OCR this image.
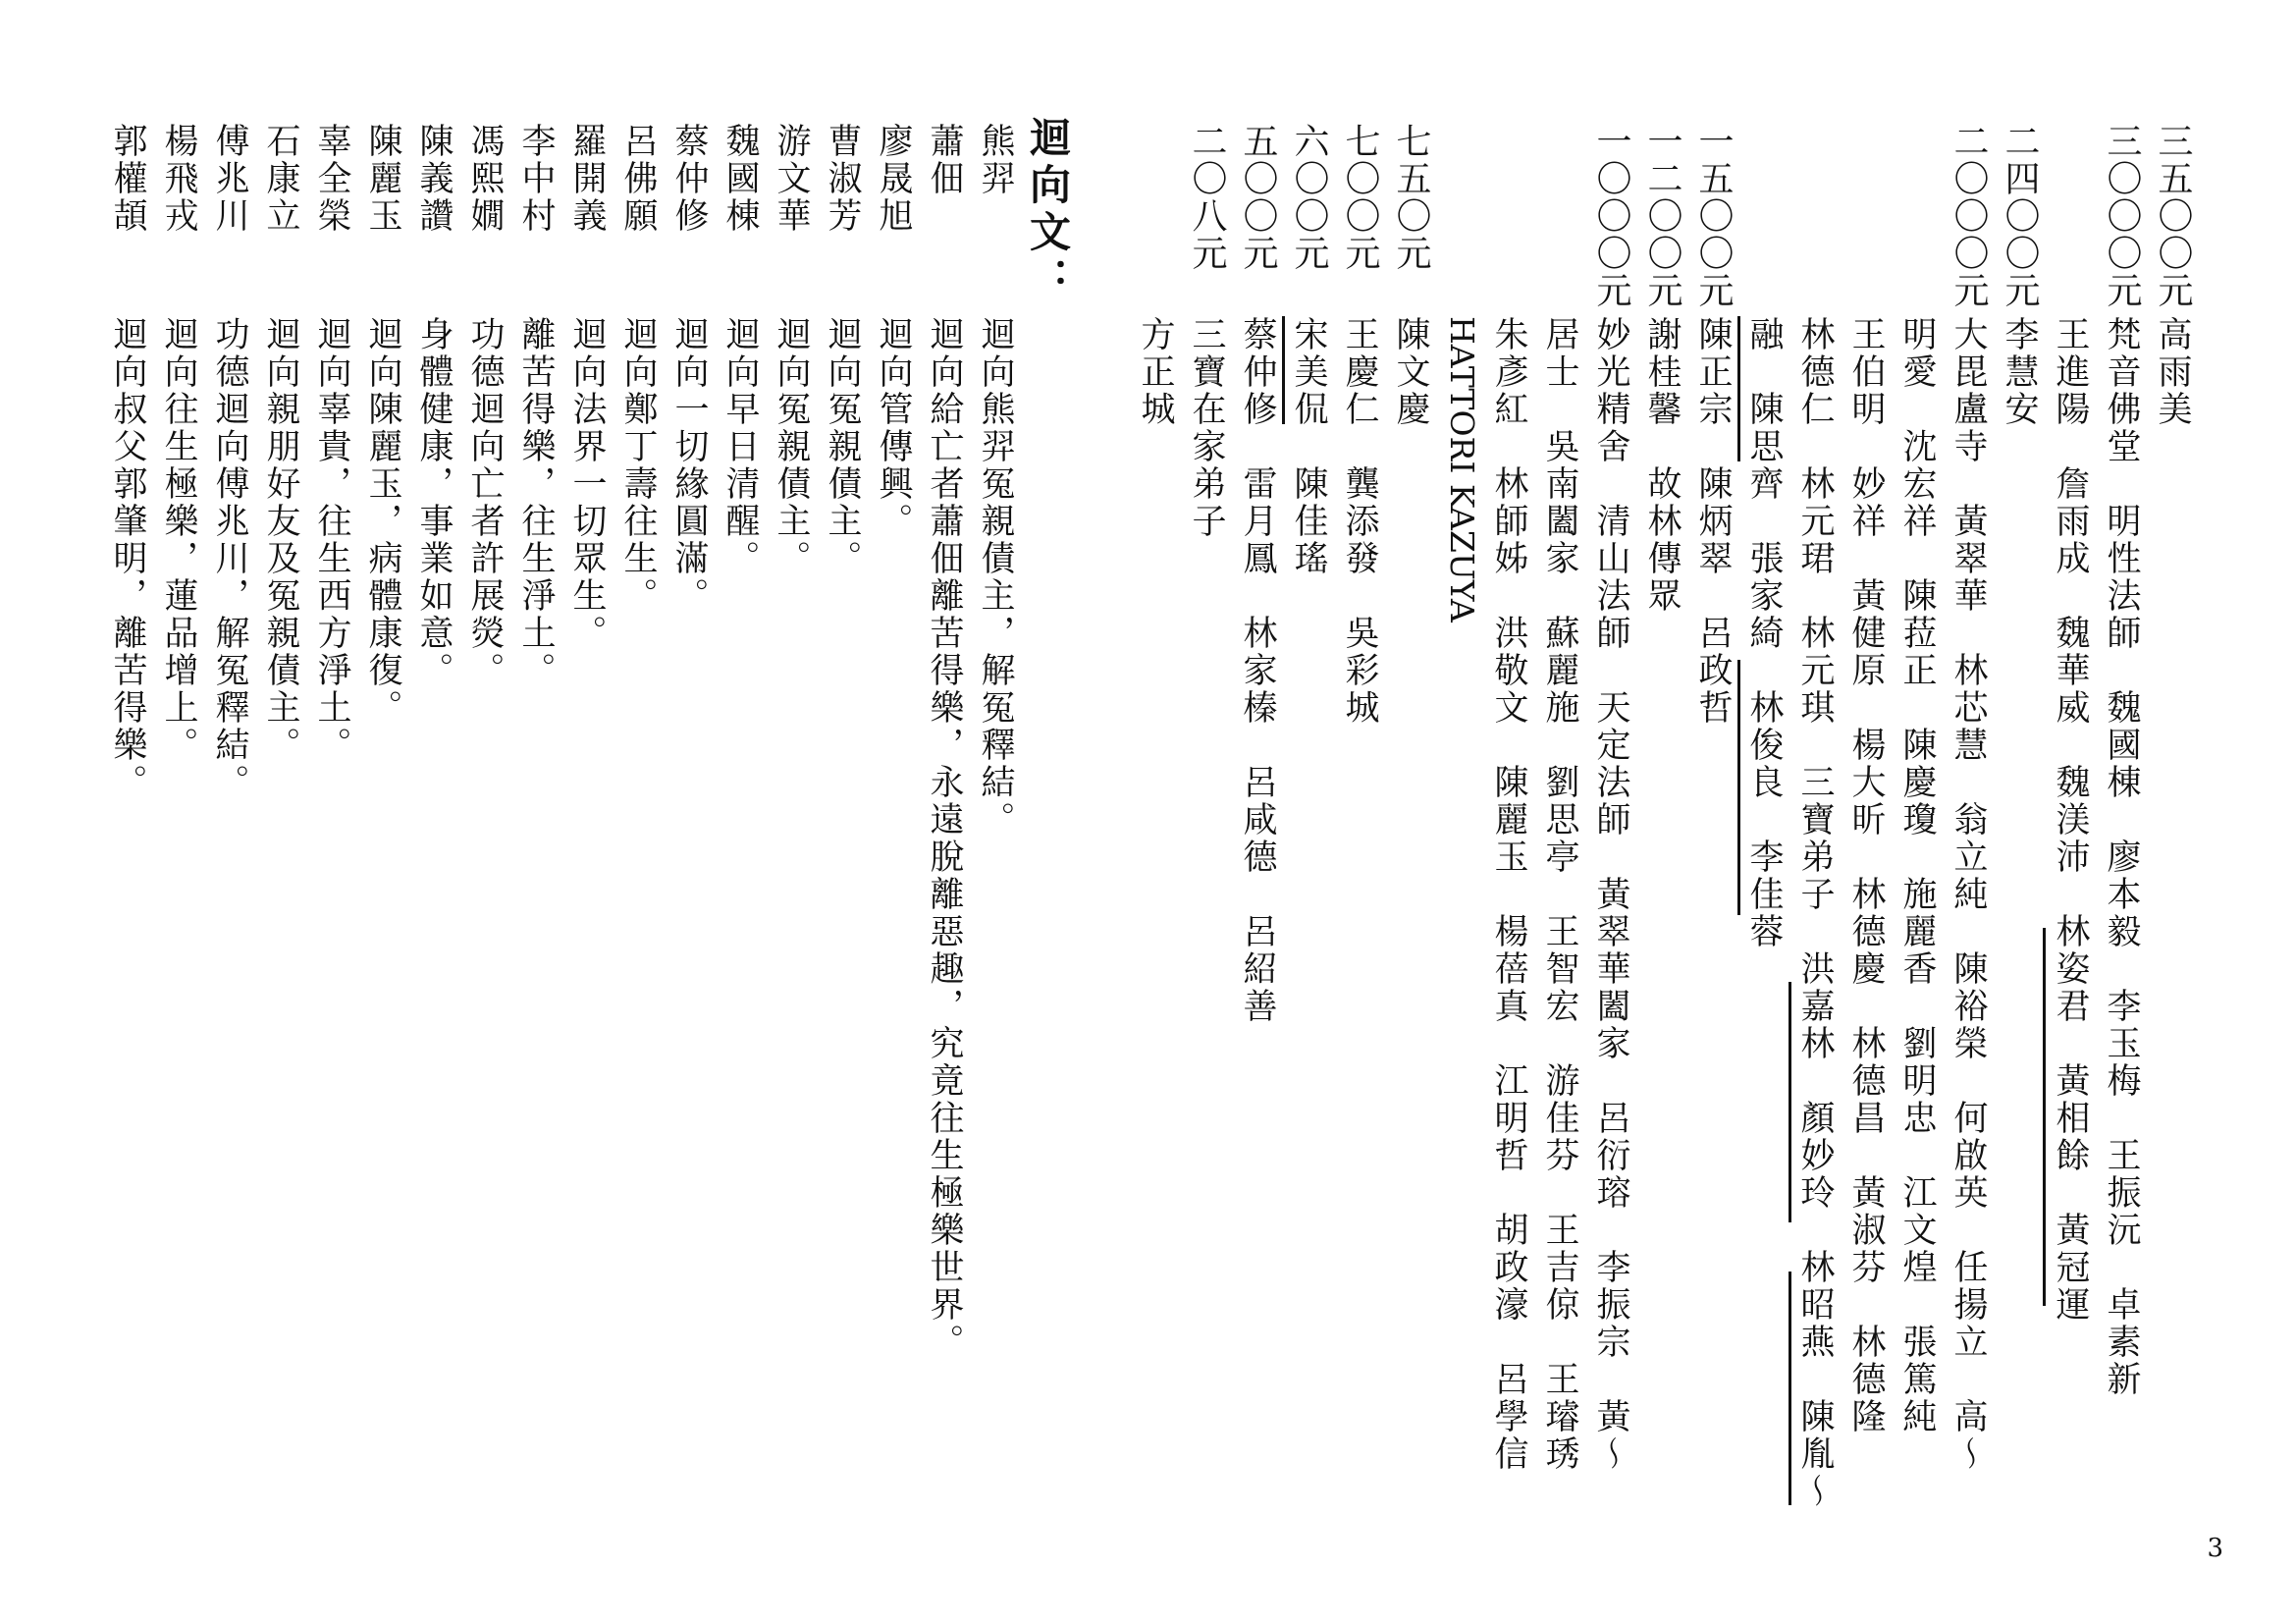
三五〇〇元
高雨美
三〇〇〇元
梵音佛堂　明性法師　魏國棟　廖本毅　李玉梅　王振沅　卓素新
王進陽　詹雨成　魏華威　魏渼沛　林姿君　黃相餘　黃冠運
二四〇〇元
李慧安
二〇〇〇元
大毘盧寺　黃翠華　林芯慧　翁立純　陳裕榮　何啟英　任揚立　高〜
明愛　沈宏祥　陳菈正　陳慶瓊　施麗香　劉明忠　江文煌　張篤純
王伯明　妙祥　黃健原　楊大昕　林德慶　林德昌　黃淑芬　林德隆
林德仁　林元珺　林元琪　三寶弟子　洪嘉林　顏妙玲　林昭燕　陳胤〜
融　陳思齊　張家綺　林俊良　李佳蓉
一五〇〇元
陳正宗　陳炳翠　呂政哲
一二〇〇元
謝桂馨　故林傳眾
一〇〇〇元
妙光精舍　清山法師　天定法師　黃翠華闔家　呂衍瑢　李振宗　黃〜
居士　吳南闔家　蘇麗施　劉思亭　王智宏　游佳芬　王吉倞　王璿琇
朱彥紅　林師姊　洪敬文　陳麗玉　楊蓓真　江明哲　胡政濠　呂學信
HATTORI KAZUYA
七五〇元
陳文慶
七〇〇元
王慶仁　龔添發　吳彩城
六〇〇元
宋美侃　陳佳瑤
五〇〇元
蔡仲修　雷月鳳　林家榛　呂咸德　呂紹善
二〇八元
三寶在家弟子
方正城
迴向文：
熊羿
迴向熊羿冤親債主，解冤釋結。
蕭佃
迴向給亡者蕭佃離苦得樂，永遠脫離惡趣，究竟往生極樂世界。
廖晟旭
迴向管傳興。
曹淑芳
迴向冤親債主。
游文華
迴向冤親債主。
魏國棟
迴向早日清醒。
蔡仲修
迴向一切緣圓滿。
呂佛願
迴向鄭丁壽往生。
羅開義
迴向法界一切眾生。
李中村
離苦得樂，往生淨土。
馮熙嫺
功德迴向亡者許展熒。
陳義讚
身體健康，事業如意。
陳麗玉
迴向陳麗玉，病體康復。
辜全榮
迴向辜貴，往生西方淨土。
石康立
迴向親朋好友及冤親債主。
傅兆川
功德迴向傅兆川，解冤釋結。
楊飛戎
迴向往生極樂，蓮品增上。
郭權頡
迴向叔父郭肇明，離苦得樂。
3
